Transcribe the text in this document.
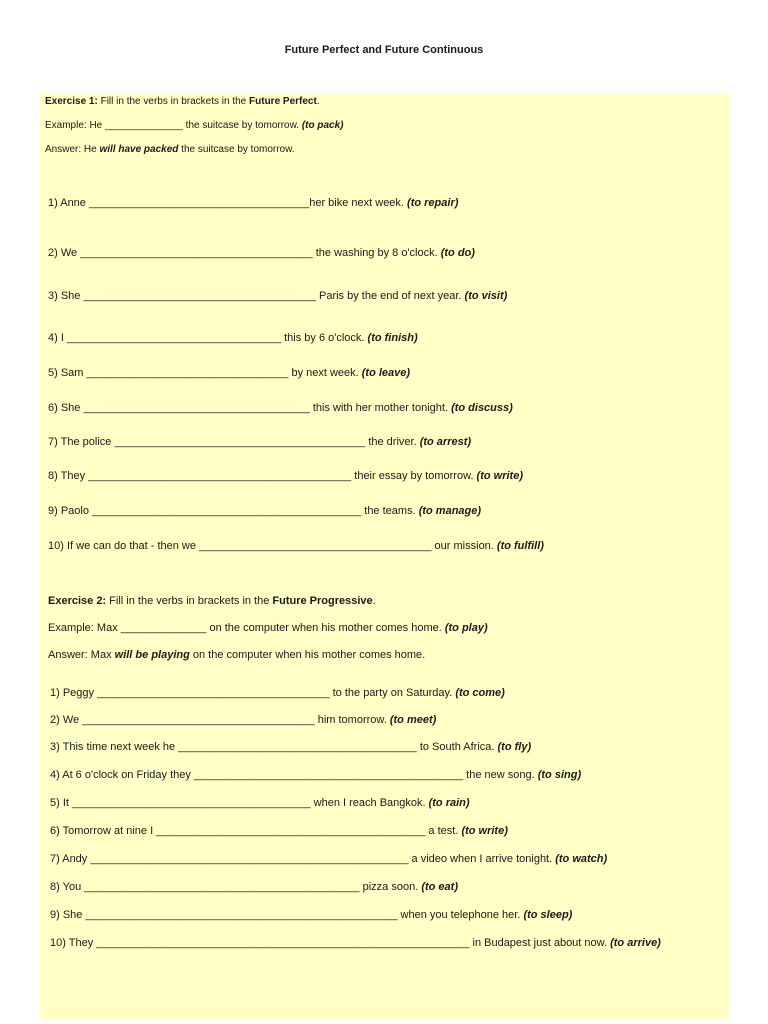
Future Perfect and Future Continuous
Exercise 1: Fill in the verbs in brackets in the Future Perfect.
Example: He ______________ the suitcase by tomorrow. (to pack)
Answer: He will have packed the suitcase by tomorrow.
1) Anne ____________________________________her bike next week. (to repair)
2) We ______________________________________ the washing by 8 o'clock. (to do)
3) She ______________________________________ Paris by the end of next year. (to visit)
4) I ___________________________________ this by 6 o'clock. (to finish)
5) Sam _________________________________ by next week. (to leave)
6) She _____________________________________ this with her mother tonight. (to discuss)
7) The police _________________________________________ the driver. (to arrest)
8) They ___________________________________________ their essay by tomorrow. (to write)
9) Paolo ____________________________________________ the teams. (to manage)
10) If we can do that - then we ______________________________________ our mission. (to fulfill)
Exercise 2: Fill in the verbs in brackets in the Future Progressive.
Example: Max ______________ on the computer when his mother comes home. (to play)
Answer: Max will be playing on the computer when his mother comes home.
1) Peggy ______________________________________ to the party on Saturday. (to come)
2) We ______________________________________ him tomorrow. (to meet)
3) This time next week he _______________________________________ to South Africa. (to fly)
4) At 6 o'clock on Friday they ____________________________________________ the new song. (to sing)
5) It _______________________________________ when I reach Bangkok. (to rain)
6) Tomorrow at nine I ____________________________________________ a test. (to write)
7) Andy ____________________________________________________ a video when I arrive tonight. (to watch)
8) You _____________________________________________ pizza soon. (to eat)
9) She ___________________________________________________ when you telephone her. (to sleep)
10) They _____________________________________________________________ in Budapest just about now. (to arrive)
